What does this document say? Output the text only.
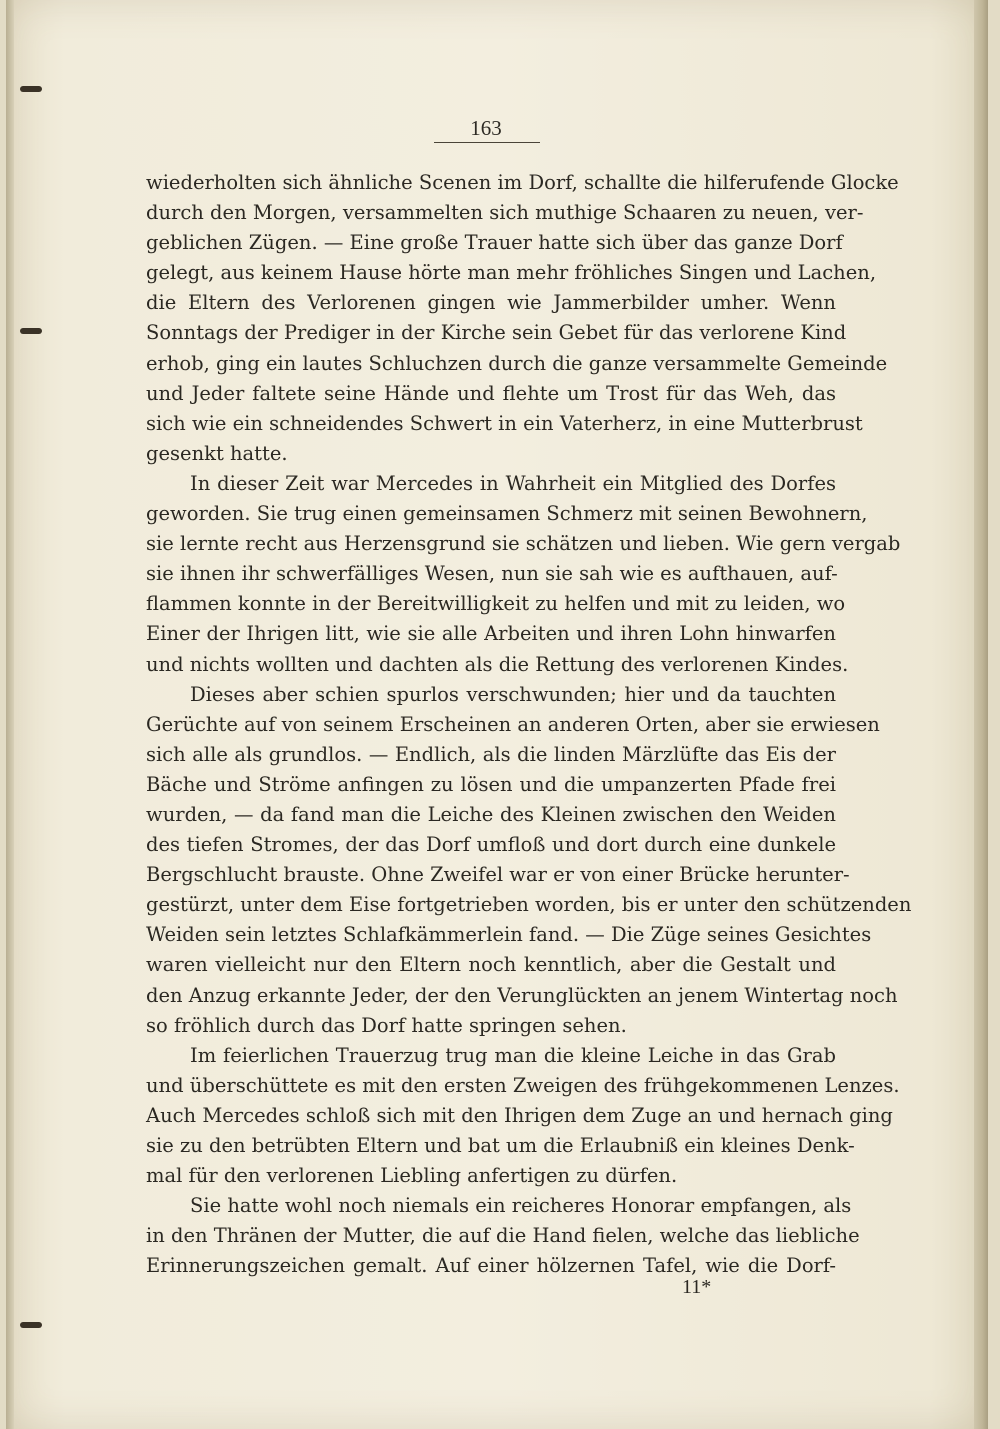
163
wiederholten sich ähnliche Scenen im Dorf, schallte die hilferufende Glocke
durch den Morgen, versammelten sich muthige Schaaren zu neuen, ver-
geblichen Zügen. — Eine große Trauer hatte sich über das ganze Dorf
gelegt, aus keinem Hause hörte man mehr fröhliches Singen und Lachen,
die Eltern des Verlorenen gingen wie Jammerbilder umher. Wenn
Sonntags der Prediger in der Kirche sein Gebet für das verlorene Kind
erhob, ging ein lautes Schluchzen durch die ganze versammelte Gemeinde
und Jeder faltete seine Hände und flehte um Trost für das Weh, das
sich wie ein schneidendes Schwert in ein Vaterherz, in eine Mutterbrust
gesenkt hatte.
In dieser Zeit war Mercedes in Wahrheit ein Mitglied des Dorfes
geworden. Sie trug einen gemeinsamen Schmerz mit seinen Bewohnern,
sie lernte recht aus Herzensgrund sie schätzen und lieben. Wie gern vergab
sie ihnen ihr schwerfälliges Wesen, nun sie sah wie es aufthauen, auf-
flammen konnte in der Bereitwilligkeit zu helfen und mit zu leiden, wo
Einer der Ihrigen litt, wie sie alle Arbeiten und ihren Lohn hinwarfen
und nichts wollten und dachten als die Rettung des verlorenen Kindes.
Dieses aber schien spurlos verschwunden; hier und da tauchten
Gerüchte auf von seinem Erscheinen an anderen Orten, aber sie erwiesen
sich alle als grundlos. — Endlich, als die linden Märzlüfte das Eis der
Bäche und Ströme anfingen zu lösen und die umpanzerten Pfade frei
wurden, — da fand man die Leiche des Kleinen zwischen den Weiden
des tiefen Stromes, der das Dorf umfloß und dort durch eine dunkele
Bergschlucht brauste. Ohne Zweifel war er von einer Brücke herunter-
gestürzt, unter dem Eise fortgetrieben worden, bis er unter den schützenden
Weiden sein letztes Schlafkämmerlein fand. — Die Züge seines Gesichtes
waren vielleicht nur den Eltern noch kenntlich, aber die Gestalt und
den Anzug erkannte Jeder, der den Verunglückten an jenem Wintertag noch
so fröhlich durch das Dorf hatte springen sehen.
Im feierlichen Trauerzug trug man die kleine Leiche in das Grab
und überschüttete es mit den ersten Zweigen des frühgekommenen Lenzes.
Auch Mercedes schloß sich mit den Ihrigen dem Zuge an und hernach ging
sie zu den betrübten Eltern und bat um die Erlaubniß ein kleines Denk-
mal für den verlorenen Liebling anfertigen zu dürfen.
Sie hatte wohl noch niemals ein reicheres Honorar empfangen, als
in den Thränen der Mutter, die auf die Hand fielen, welche das liebliche
Erinnerungszeichen gemalt. Auf einer hölzernen Tafel, wie die Dorf-
11*
